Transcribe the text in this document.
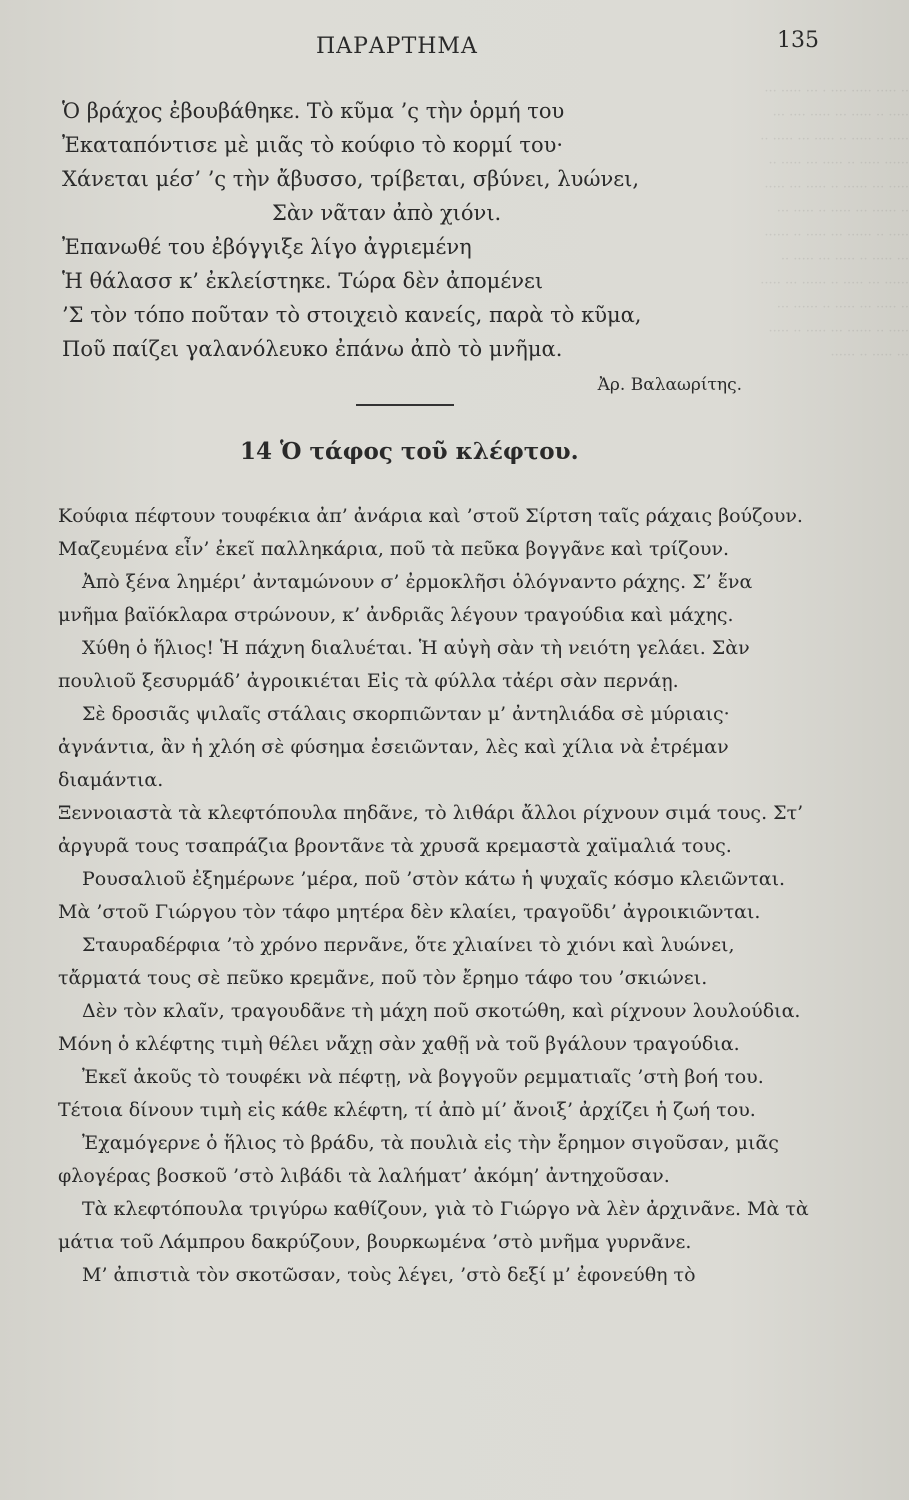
·· ····· ····· ···· · ··· ····· ··· ····· ·· ····· ··· ····· ···· ··· ····· ·· ····· ·· ····· ··· ····· ·· ······ ····· ·· ····· ··· ····· ·· ····· ··· ······ ·· ····· ··· ····· ·· ······ ··· ····· ·· ····· ··· ····· ·· ······ ··· ····· ·· ······ ··· ····· ·· ····· ··· ····· ·· ······ ··· ····· ·· ······ ··· ····· ·· ····· ··· ····· ·· ······ ··· ····· ·· ······ ··· ····· ·· ····· ··· ····· ·· ······
ΠΑΡΑΡΤΗΜΑ	135
Ὁ βράχος ἐβουβάθηκε. Τὸ κῦμα ’ς τὴν ὁρμή του
Ἐκαταπόντισε μὲ μιᾶς τὸ κούφιο τὸ κορμί του·
Χάνεται μέσ’ ’ς τὴν ἄβυσσο, τρίβεται, σβύνει, λυώνει,
Σὰν νᾶταν ἀπὸ χιόνι.
Ἐπανωθέ του ἐβόγγιξε λίγο ἀγριεμένη
Ἡ θάλασσ κ’ ἐκλείστηκε. Τώρα δὲν ἀπομένει
’Σ τὸν τόπο ποῦταν τὸ στοιχειὸ κανείς, παρὰ τὸ κῦμα,
Ποῦ παίζει γαλανόλευκο ἐπάνω ἀπὸ τὸ μνῆμα.
Ἀρ. Βαλαωρίτης.
14 Ὁ τάφος τοῦ κλέφτου.

Κούφια πέφτουν τουφέκια ἀπ’ ἀνάρια καὶ ’στοῦ Σίρτση ταῖς ράχαις βούζουν. Μαζευμένα εἶν’ ἐκεῖ παλληκάρια, ποῦ τὰ πεῦκα βογγᾶνε καὶ τρίζουν.

Ἀπὸ ξένα λημέρι’ ἀνταμώνουν σ’ ἐρμοκλῆσι ὁλόγναντο ράχης. Σ’ ἕνα μνῆμα βαϊόκλαρα στρώνουν, κ’ ἀνδριᾶς λέγουν τραγούδια καὶ μάχης.

Χύθη ὁ ἥλιος! Ἡ πάχνη διαλυέται. Ἡ αὐγὴ σὰν τὴ νειότη γελάει. Σὰν πουλιοῦ ξεσυρμάδ’ ἀγροικιέται Εἰς τὰ φύλλα τἀέρι σὰν περνάῃ.

Σὲ δροσιᾶς ψιλαῖς στάλαις σκορπιῶνταν μ’ ἀντηλιάδα σὲ μύριαις· ἀγνάντια, ἂν ἡ χλόη σὲ φύσημα ἐσειῶνταν, λὲς καὶ χίλια νὰ ἐτρέμαν διαμάντια.

Ξεννοιαστὰ τὰ κλεφτόπουλα πηδᾶνε, τὸ λιθάρι ἄλλοι ρίχνουν σιμά τους. Στ’ ἀργυρᾶ τους τσαπράζια βροντᾶνε τὰ χρυσᾶ κρεμαστὰ χαϊμαλιά τους.

Ρουσαλιοῦ ἐξημέρωνε ’μέρα, ποῦ ’στὸν κάτω ἡ ψυχαῖς κόσμο κλειῶνται. Μὰ ’στοῦ Γιώργου τὸν τάφο μητέρα δὲν κλαίει, τραγοῦδι’ ἀγροικιῶνται.

Σταυραδέρφια ’τὸ χρόνο περνᾶνε, ὅτε χλιαίνει τὸ χιόνι καὶ λυώνει, τἄρματά τους σὲ πεῦκο κρεμᾶνε, ποῦ τὸν ἔρημο τάφο του ’σκιώνει.

Δὲν τὸν κλαῖν, τραγουδᾶνε τὴ μάχη ποῦ σκοτώθη, καὶ ρίχνουν λουλούδια. Μόνη ὁ κλέφτης τιμὴ θέλει νἄχῃ σὰν χαθῇ νὰ τοῦ βγάλουν τραγούδια.

Ἐκεῖ ἀκοῦς τὸ τουφέκι νὰ πέφτῃ, νὰ βογγοῦν ρεμματιαῖς ’στὴ βοή του. Τέτοια δίνουν τιμὴ εἰς κάθε κλέφτη, τί ἀπὸ μί’ ἄνοιξ’ ἀρχίζει ἡ ζωή του.

Ἐχαμόγερνε ὁ ἥλιος τὸ βράδυ, τὰ πουλιὰ εἰς τὴν ἔρημον σιγοῦσαν, μιᾶς φλογέρας βοσκοῦ ’στὸ λιβάδι τὰ λαλήματ’ ἀκόμη’ ἀντηχοῦσαν.

Τὰ κλεφτόπουλα τριγύρω καθίζουν, γιὰ τὸ Γιώργο νὰ λὲν ἀρχινᾶνε. Μὰ τὰ μάτια τοῦ Λάμπρου δακρύζουν, βουρκωμένα ’στὸ μνῆμα γυρνᾶνε.

Μ’ ἀπιστιὰ τὸν σκοτῶσαν, τοὺς λέγει, ’στὸ δεξί μ’ ἐφονεύθη τὸ
